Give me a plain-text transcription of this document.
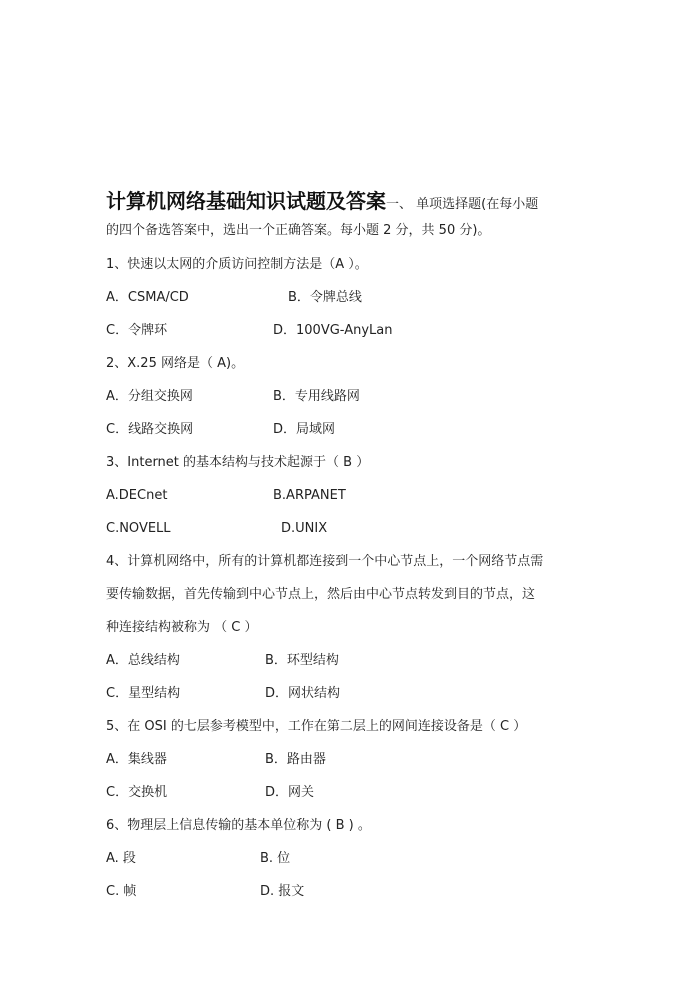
计算机网络基础知识试题及答案一、 单项选择题(在每小题
的四个备选答案中，选出一个正确答案。每小题 2 分，共 50 分)。
1、快速以太网的介质访问控制方法是（A ）。
A．CSMA/CD	B．令牌总线
C．令牌环	D．100VG-AnyLan
2、X.25 网络是（ A)。
A．分组交换网	B．专用线路网
C．线路交换网	D．局域网
3、Internet 的基本结构与技术起源于（ B ）
A.DECnet	B.ARPANET
C.NOVELL	D.UNIX
4、计算机网络中，所有的计算机都连接到一个中心节点上，一个网络节点需
要传输数据，首先传输到中心节点上，然后由中心节点转发到目的节点，这
种连接结构被称为 （ C ）
A．总线结构	B．环型结构
C．星型结构	D．网状结构
5、在 OSI 的七层参考模型中，工作在第二层上的网间连接设备是（ C ）
A．集线器	B．路由器
C．交换机	D．网关
6、物理层上信息传输的基本单位称为 ( B ) 。
A. 段	B. 位
C. 帧	D. 报文
